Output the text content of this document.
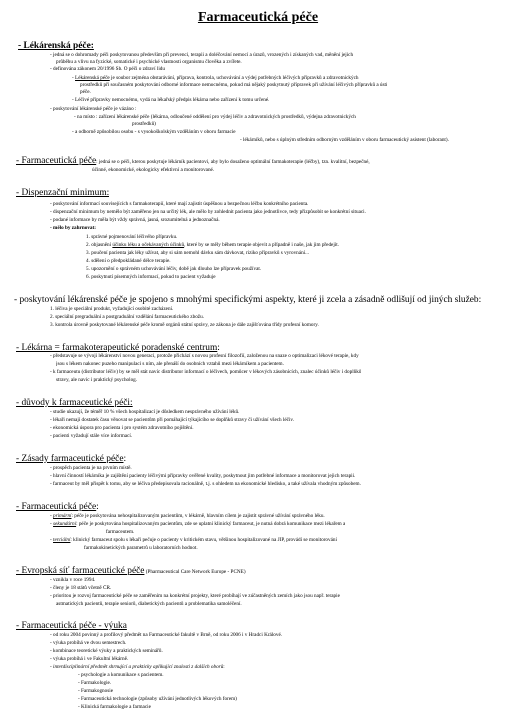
Farmaceutická péče
- Lékárenská péče:
- jedná se o dohromady péči poskytovanou především při prevenci, terapii a doléčování nemocí a úrazů, vrozených i získaných vad, měnění jejich
průběhu a vlivu na fyzické, somatické i psychické vlastnosti organismu člověka a zvířete.
- definována zákonem 20/1996 Sb. O péči o zdraví lidu
- Lékárenská péče je soubor zejména obstarávání, příprava, kontrola, uchovávání a výdej potřebných léčivých přípravků a zdravotnických
prostředků při současném poskytování odborné informace nemocnému, pokud má nějaký poskytnutý přípravek při užívání léčivých přípravků a ústí
péče.
- Léčivé přípravky nemocnému, vydá na lékařský předpis lékárna nebo zařízení k tomu určené.
- poskytování lékárenské péče je vázáno :
- na místo : zařízení lékárenské péče (lékárna, odloučené oddělení pro výdej léčiv a zdravotnických prostředků, výdejna zdravotnických
prostředků)
- a odborně způsobilou osobu - s vysokoškolským vzděláním v oboru farmacie
- lékárníků, nebo s úplným středním odborným vzděláním v oboru farmaceutický asistent (laborant).
- Farmaceutická péče: jedná se o péči, kterou poskytuje lékárník pacientovi, aby bylo dosaženo optimální farmakoterapie (léčby), tzn. kvalitní, bezpečné,
účinné, ekonomické, ekologicky efektivní a monitorované.
- Dispenzační minimum:
- poskytování informací souvisejících s farmakoterapií, které mají zajistit úspěšnou a bezpečnou léčbu konkrétního pacienta.
- dispenzační minimum by nemělo být zaměřeno jen na určitý lék, ale mělo by zohlednit pacienta jako jednotlivce, tedy přizpůsobit se konkrétní situaci.
- podané informace by měla být vždy správná, jasná, srozumitelná a jednoznačná.
- mělo by zahrnovat:
1. správné pojmenování léčivého přípravku.
2. objasnění účinku léku a očekávaných účinků, které by se měly během terapie objevit a případně i naše, jak jim předejít.
3. poučení pacienta jak léky užívat, aby si sám nemohl dávku sám dávkovat, riziko přípravků s vyrovnání...
4. sdělení o předpokládané délce terapie.
5. upozornění o správném uchovávání léčiv, době jak dlouho lze přípravek používat.
6. poskytnutí písemných informací, pokud to pacient vyžaduje
- poskytování lékárenské péče je spojeno s mnohými specifickými aspekty, které ji zcela a zásadně odlišují od jiných služeb:
1. léčiva je speciální produkt, vyžadující osobité zacházení.
2. speciální pregraduální a postgraduální vzdělání farmaceutického zbožu.
3. kontrola úrovně poskytované lékárenské péče kromě orgánů státní správy, ze zákona je dále zajišťována třídy profesní komory.
- Lékárna = farmakoterapeutické poradenské centrum:
- představuje se vývoji lékárenství novou generaci, protože přichází s novou profesní filozofií, založenou na snaze o optimalizaci lékové terapie, kdy
jsou s lékem nakonec puzeho manipulaci s ním, ale přenáší do osobních vztahů mezi lékárníkem a pacientem.
- k farmaceutu (distributor léčiv) by se měl stát navíc distributor informací o léčivech, pomůcer v lékových zásobnících, znalec účinků léčiv i doplňků
stravy, ale navíc i praktický psycholog.
- důvody k farmaceutické péči:
- studie ukazují, že téměř 10 % všech hospitalizací je důsledkem nesprávného užívání léků.
- lékaři nemají dostatek času věnovat se pacientům při pomáhající týkajícího se doplňků stravy či užívání všech léčiv.
- ekonomická úspora pro pacienta i pro systém zdravotního pojištění.
- pacienti vyžadují stále více informací.
- Zásady farmaceutické péče:
- prospěch pacienta je na prvním místě.
- hlavní činností lékárníka je zajištění pacienty léčivými přípravky ověřené kvality, poskytnout jim potřebné informace a monitorovat jejich terapii.
- farmaceut by měl přispět k tomu, aby se léčiva předepisovala racionálně, t.j. s ohledem na ekonomické hledisko, a také užívala vhodným způsobem.
- Farmaceutická péče:
- primární: péče je poskytována nehospitalizovaným pacientům, v lékárně, hlavním cílem je zajistit správné užívání správného léku.
- sekundární: péče je poskytována hospitalizovaným pacientům, zde se uplatní klinický farmaceut, je nutná dobrá komunikace mezi lékařem a
farmaceutem.
- terciální: klinický farmaceut spolu s lékaři pečuje o pacienty v kritickém stavu, většinou hospitalizované na JIP, provádí se monitorování
farmakokinetických parametrů u laboratorních hodnot.
- Evropská síť farmaceutické péče (Pharmaceutical Care Network Europe - PCNE)
- vznikla v roce 1994.
- členy je 18 států včetně ČR.
- prioritou je rozvoj farmaceutické péče se zaměřením na konkrétní projekty, které probíhají ve zúčastněných zemích jako jsou např. terapie
astmatických pacientů, terapie seniorů, diabetických pacientů a problematika samoléčení.
- Farmaceutická péče - výuka
- od roku 2004 povinný a profilový předmět na Farmaceutické fakultě v Brně, od roku 2006 i v Hradci Králové.
- výuka probíhá ve dvou semestrech.
- kombinace teoretické výuky a praktických seminářů.
- výuka probíhá i ve Fakultní lékárně.
- interdisciplinární předmět shrnující a prakticky aplikující znalosti z dalších oborů:
- psychologie a komunikace s pacientem.
- Farmakologie.
- Farmakognosie
- Farmaceutická technologie (způsoby užívání jednotlivých lékových forem)
- Klinická farmakologie a farmacie
